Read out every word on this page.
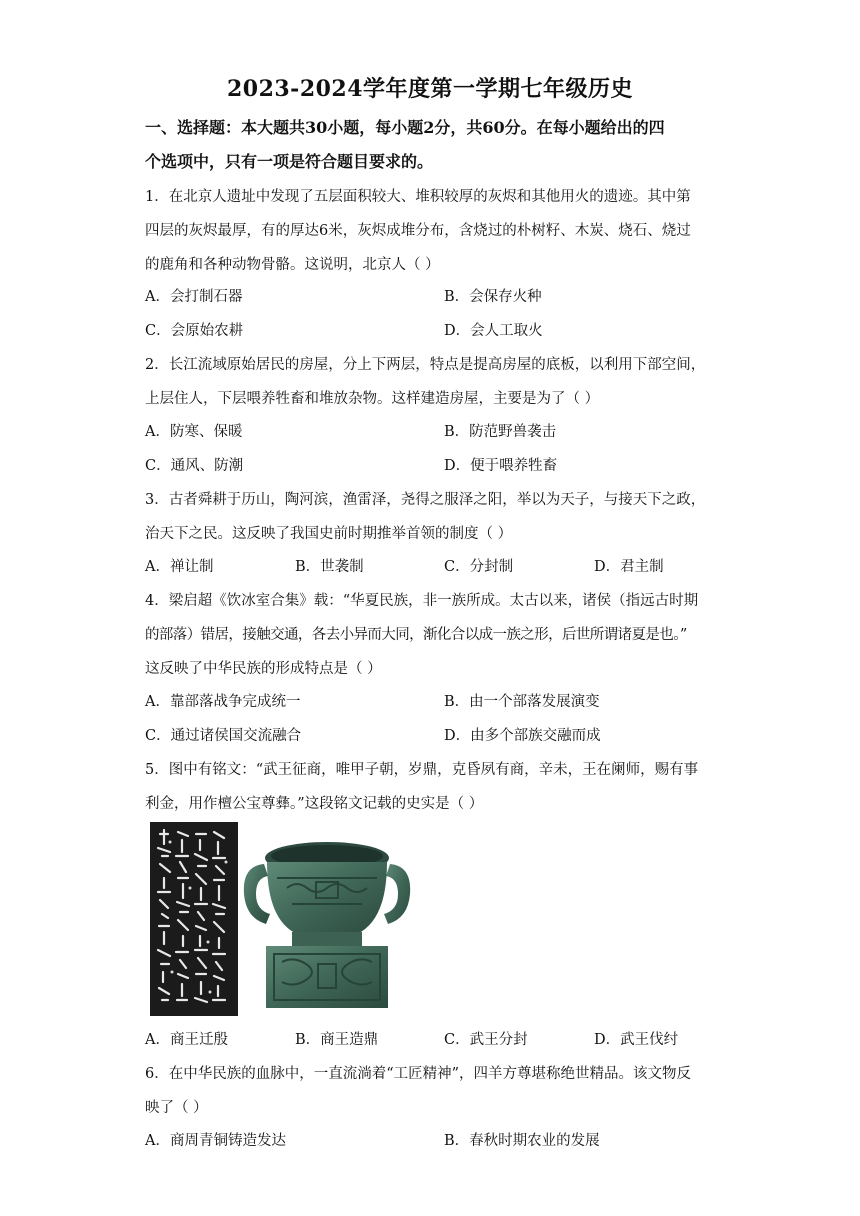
2023-2024学年度第一学期七年级历史
一、选择题：本大题共30小题，每小题2分，共60分。在每小题给出的四
个选项中，只有一项是符合题目要求的。
1．在北京人遗址中发现了五层面积较大、堆积较厚的灰烬和其他用火的遗迹。其中第
四层的灰烬最厚，有的厚达6米，灰烬成堆分布，含烧过的朴树籽、木炭、烧石、烧过
的鹿角和各种动物骨骼。这说明，北京人（ ）
A．会打制石器	B．会保存火种
C．会原始农耕	D．会人工取火
2．长江流域原始居民的房屋，分上下两层，特点是提高房屋的底板，以利用下部空间，
上层住人，下层喂养牲畜和堆放杂物。这样建造房屋，主要是为了（ ）
A．防寒、保暖	B．防范野兽袭击
C．通风、防潮	D．便于喂养牲畜
3．古者舜耕于历山，陶河滨，渔雷泽，尧得之服泽之阳，举以为天子，与接天下之政，
治天下之民。这反映了我国史前时期推举首领的制度（ ）
A．禅让制	B．世袭制	C．分封制	D．君主制
4．梁启超《饮冰室合集》载：“华夏民族，非一族所成。太古以来，诸侯（指远古时期
的部落）错居，接触交通，各去小异而大同，渐化合以成一族之形，后世所谓诸夏是也。”
这反映了中华民族的形成特点是（ ）
A．靠部落战争完成统一	B．由一个部落发展演变
C．通过诸侯国交流融合	D．由多个部族交融而成
5．图中有铭文：“武王征商，唯甲子朝，岁鼎，克昏夙有商，辛未，王在阑师，赐有事
利金，用作檀公宝尊彝。”这段铭文记载的史实是（ ）
A．商王迁殷	B．商王造鼎	C．武王分封	D．武王伐纣
6．在中华民族的血脉中，一直流淌着“工匠精神”，四羊方尊堪称绝世精品。该文物反
映了（ ）
A．商周青铜铸造发达	B．春秋时期农业的发展
